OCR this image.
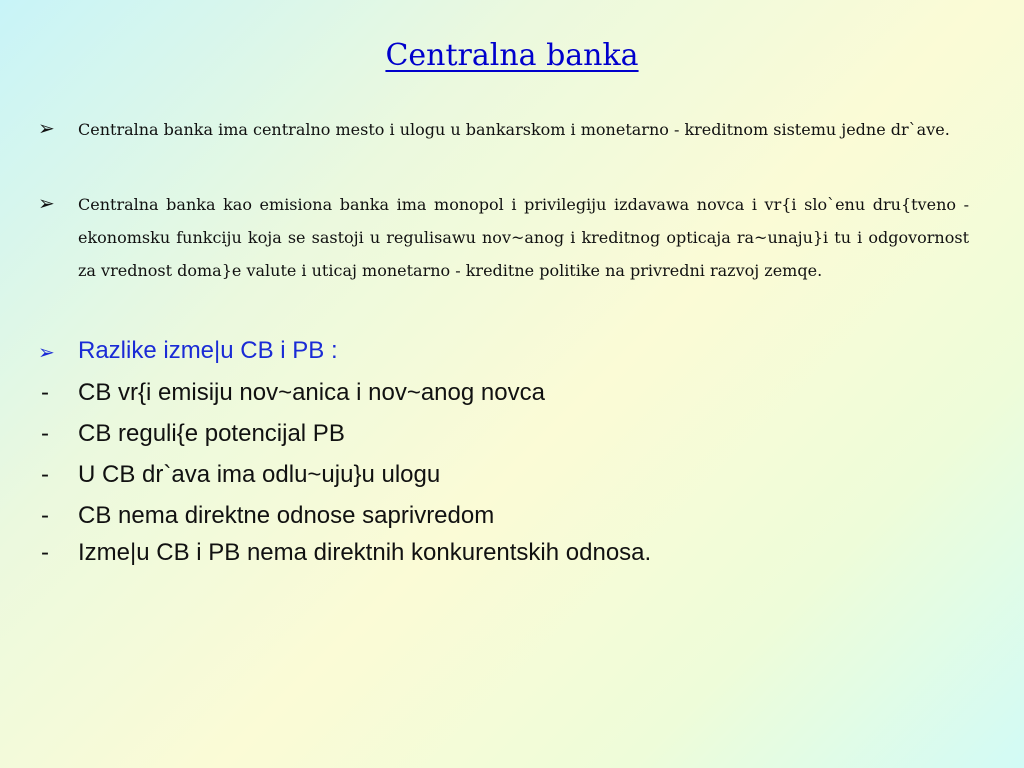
Centralna banka
➢ Centralna banka ima centralno mesto i ulogu u bankarskom i monetarno - kreditnom sistemu jedne dr`ave.

➢ Centralna banka kao emisiona banka ima monopol i privilegiju izdavawa novca i vr{i slo`enu dru{tveno - ekonomsku funkciju koja se sastoji u regulisawu nov~anog i kreditnog opticaja ra~unaju}i tu i odgovornost za vrednost doma}e valute i uticaj monetarno - kreditne politike na privredni razvoj zemqe.

➢ Razlike izme|u CB i PB :
- CB vr{i emisiju nov~anica i nov~anog novca
- CB reguli{e potencijal PB
- U CB dr`ava ima odlu~uju}u ulogu
- CB nema direktne odnose saprivredom
- Izme|u CB i PB nema direktnih konkurentskih odnosa.
